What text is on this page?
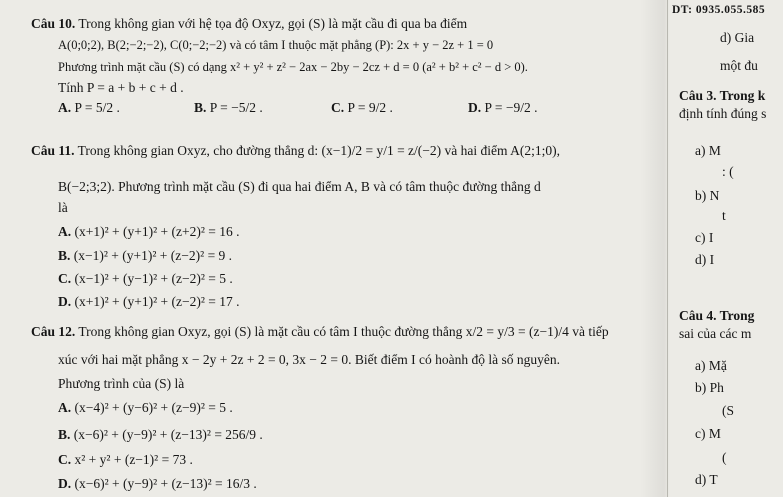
DT: 0935.055.585
Câu 10. Trong không gian với hệ tọa độ Oxyz, gọi (S) là mặt cầu đi qua ba điểm
A(0;0;2), B(2;−2;−2), C(0;−2;−2) và có tâm I thuộc mặt phẳng (P): 2x + y − 2z + 1 = 0
Phương trình mặt cầu (S) có dạng x² + y² + z² − 2ax − 2by − 2cz + d = 0 (a² + b² + c² − d > 0).
Tính P = a + b + c + d .
A. P = 5/2 .	B. P = −5/2 .	C. P = 9/2 .	D. P = −9/2 .
Câu 11. Trong không gian Oxyz, cho đường thẳng d: (x−1)/2 = y/1 = z/(−2) và hai điểm A(2;1;0),
B(−2;3;2). Phương trình mặt cầu (S) đi qua hai điểm A, B và có tâm thuộc đường thẳng d
là
A. (x+1)² + (y+1)² + (z+2)² = 16 .
B. (x−1)² + (y+1)² + (z−2)² = 9 .
C. (x−1)² + (y−1)² + (z−2)² = 5 .
D. (x+1)² + (y+1)² + (z−2)² = 17 .
Câu 12. Trong không gian Oxyz, gọi (S) là mặt cầu có tâm I thuộc đường thẳng x/2 = y/3 = (z−1)/4 và tiếp
xúc với hai mặt phẳng x − 2y + 2z + 2 = 0, 3x − 2 = 0. Biết điểm I có hoành độ là số nguyên.
Phương trình của (S) là
A. (x−4)² + (y−6)² + (z−9)² = 5 .
B. (x−6)² + (y−9)² + (z−13)² = 256/9 .
C. x² + y² + (z−1)² = 73 .
D. (x−6)² + (y−9)² + (z−13)² = 16/3 .
d) Gia
một đu
Câu 3. Trong k
định tính đúng s
a) M
: (
b) N
t
c) I
d) I
Câu 4. Trong
sai của các m
a) Mặ
b) Ph
(S
c) M
(
d) T
